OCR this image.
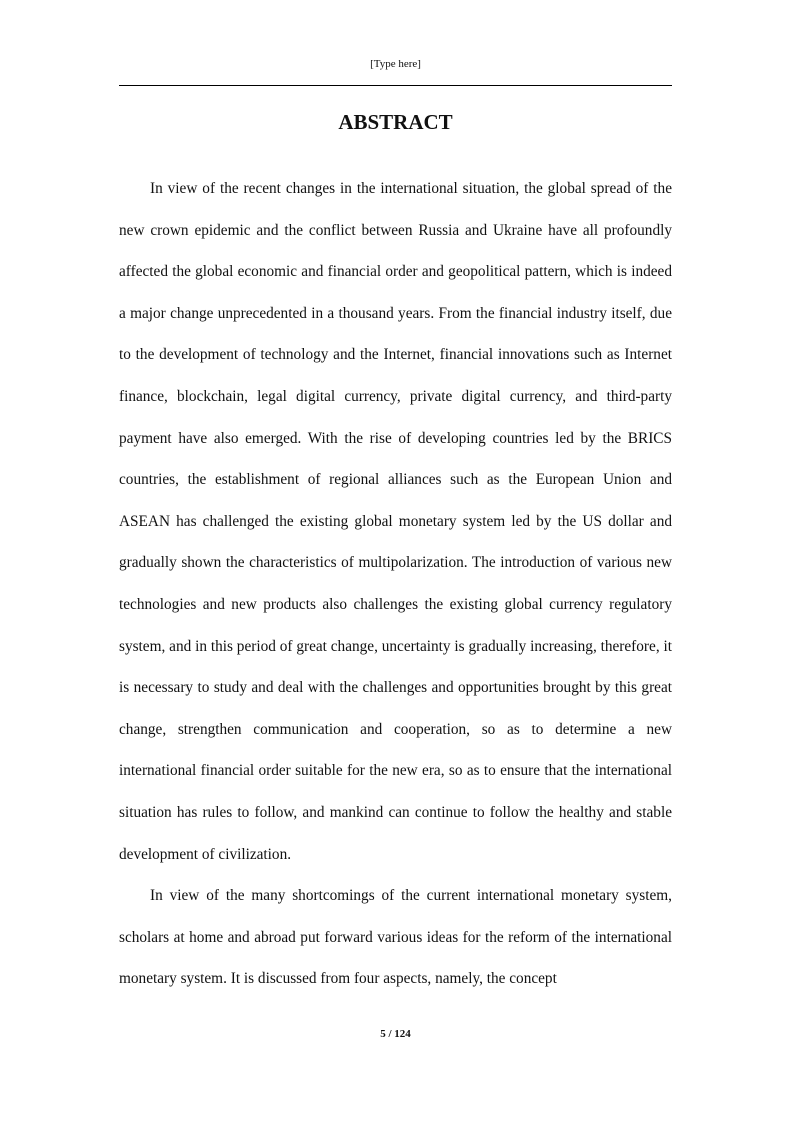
[Type here]
ABSTRACT

In view of the recent changes in the international situation, the global spread of the new crown epidemic and the conflict between Russia and Ukraine have all profoundly affected the global economic and financial order and geopolitical pattern, which is indeed a major change unprecedented in a thousand years. From the financial industry itself, due to the development of technology and the Internet, financial innovations such as Internet finance, blockchain, legal digital currency, private digital currency, and third-party payment have also emerged. With the rise of developing countries led by the BRICS countries, the establishment of regional alliances such as the European Union and ASEAN has challenged the existing global monetary system led by the US dollar and gradually shown the characteristics of multipolarization. The introduction of various new technologies and new products also challenges the existing global currency regulatory system, and in this period of great change, uncertainty is gradually increasing, therefore, it is necessary to study and deal with the challenges and opportunities brought by this great change, strengthen communication and cooperation, so as to determine a new international financial order suitable for the new era, so as to ensure that the international situation has rules to follow, and mankind can continue to follow the healthy and stable development of civilization.

In view of the many shortcomings of the current international monetary system, scholars at home and abroad put forward various ideas for the reform of the international monetary system. It is discussed from four aspects, namely, the concept

5 / 124
